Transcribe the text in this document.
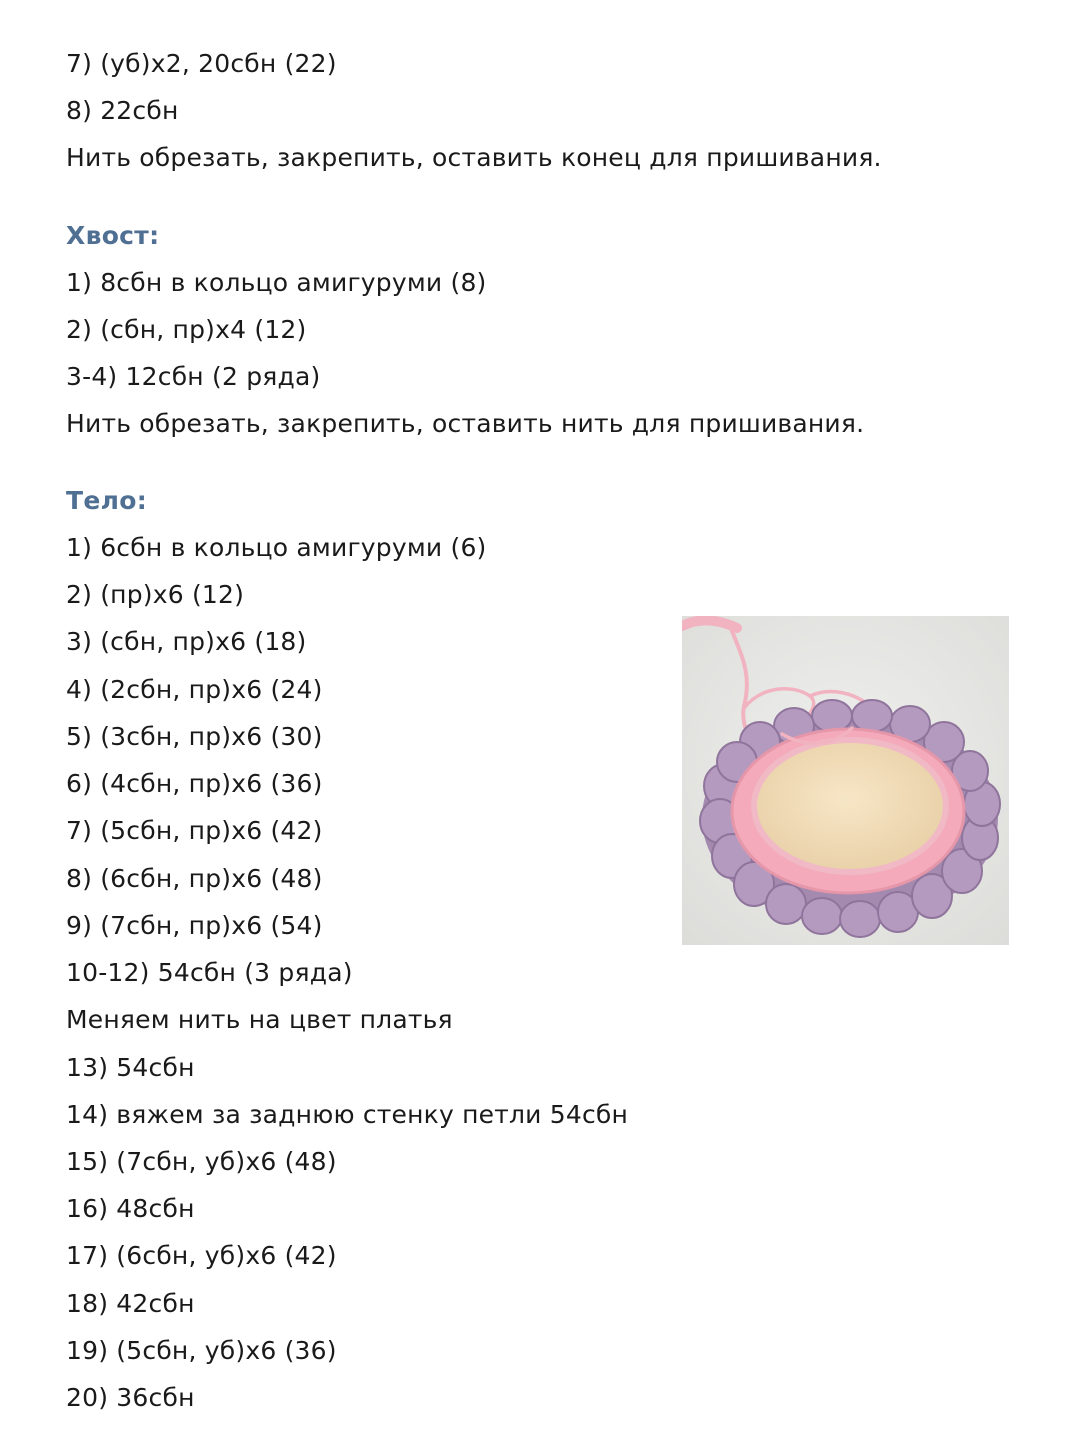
7) (уб)х2, 20сбн (22)
8) 22сбн
Нить обрезать, закрепить, оставить конец для пришивания.
Хвост:
1) 8сбн в кольцо амигуруми (8)
2) (сбн, пр)х4 (12)
3-4) 12сбн (2 ряда)
Нить обрезать, закрепить, оставить нить для пришивания.
Тело:
1) 6сбн в кольцо амигуруми (6)
2) (пр)х6 (12)
3) (сбн, пр)х6 (18)
4) (2сбн, пр)х6 (24)
5) (3сбн, пр)х6 (30)
6) (4сбн, пр)х6 (36)
7) (5сбн, пр)х6 (42)
8) (6сбн, пр)х6 (48)
9) (7сбн, пр)х6 (54)
10-12) 54сбн (3 ряда)
Меняем нить на цвет платья
13) 54сбн
14) вяжем за заднюю стенку петли 54сбн
15) (7сбн, уб)х6 (48)
16) 48сбн
17) (6сбн, уб)х6 (42)
18) 42сбн
19) (5сбн, уб)х6 (36)
20) 36сбн
